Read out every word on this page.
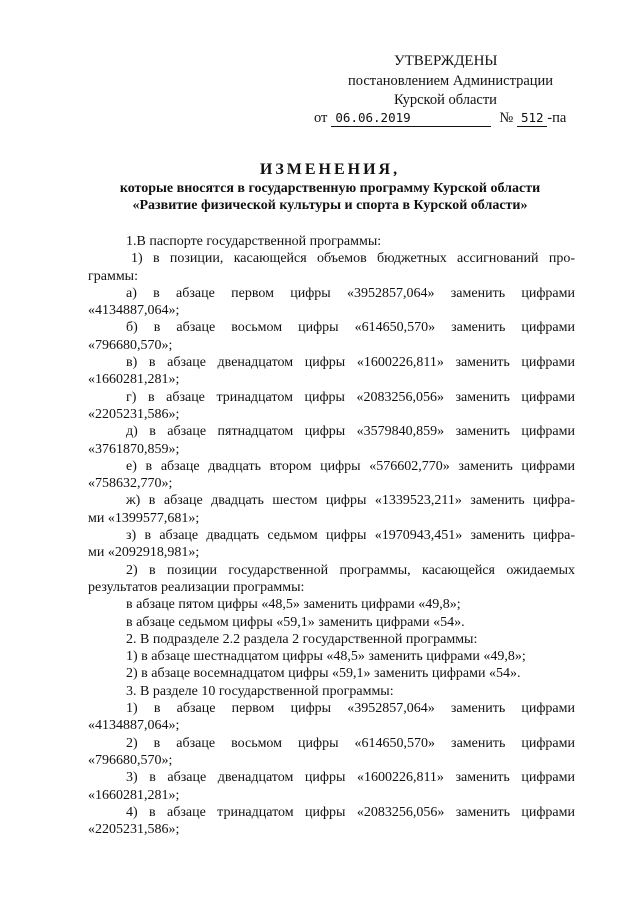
УТВЕРЖДЕНЫ
постановлением Администрации
Курской области
от 06.06.2019	№ 512 -па
ИЗМЕНЕНИЯ,
которые вносятся в государственную программу Курской области
«Развитие физической культуры и спорта в Курской области»
1.В паспорте государственной программы:
1) в позиции, касающейся объемов бюджетных ассигнований про-
граммы:
а) в абзаце первом цифры «3952857,064» заменить цифрами
«4134887,064»;
б) в абзаце восьмом цифры «614650,570» заменить цифрами
«796680,570»;
в) в абзаце двенадцатом цифры «1600226,811» заменить цифрами
«1660281,281»;
г) в абзаце тринадцатом цифры «2083256,056» заменить цифрами
«2205231,586»;
д) в абзаце пятнадцатом цифры «3579840,859» заменить цифрами
«3761870,859»;
е) в абзаце двадцать втором цифры «576602,770» заменить цифрами
«758632,770»;
ж) в абзаце двадцать шестом цифры «1339523,211» заменить цифра-
ми «1399577,681»;
з) в абзаце двадцать седьмом цифры «1970943,451» заменить цифра-
ми «2092918,981»;
2) в позиции государственной программы, касающейся ожидаемых
результатов реализации программы:
в абзаце пятом цифры «48,5» заменить цифрами «49,8»;
в абзаце седьмом цифры «59,1» заменить цифрами «54».
2. В подразделе 2.2 раздела 2 государственной программы:
1) в абзаце шестнадцатом цифры «48,5» заменить цифрами «49,8»;
2) в абзаце восемнадцатом цифры «59,1» заменить цифрами «54».
3. В разделе 10 государственной программы:
1) в абзаце первом цифры «3952857,064» заменить цифрами
«4134887,064»;
2) в абзаце восьмом цифры «614650,570» заменить цифрами
«796680,570»;
3) в абзаце двенадцатом цифры «1600226,811» заменить цифрами
«1660281,281»;
4) в абзаце тринадцатом цифры «2083256,056» заменить цифрами
«2205231,586»;
